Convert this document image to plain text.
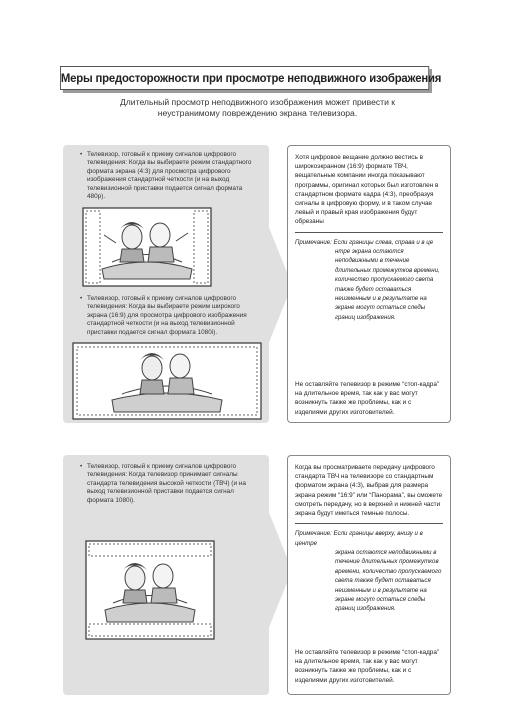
Меры предосторожности при просмотре неподвижного изображения
Длительный просмотр неподвижного изображения может привести к неустранимому повреждению экрана телевизора.
Хотя цифровое вещание должно вестись в широкоэкранном (16:9) формате ТВЧ, вещательные компании иногда показывают программы, оригинал которых был изготовлен в стандартном формате кадра (4:3), преобразуя сигналы в цифровую форму, и в таком случае левый и правый края изображения будут обрезаны
Примечание: Если границы слева, справа и в це
нтре экрана остаются неподвижными в течение длительных промежутков времени, количество пропускаемого света также будет оставаться неизменным и в результате на экране могут остаться следы границ изображения.
Не оставляйте телевизор в режиме “стоп-кадра” на длительное время, так как у вас могут возникнуть также же проблемы, как и с изделиями других изготовителей.
• Телевизор, готовый к приему сигналов цифрового телевидения: Когда вы выбираете режим стандартного формата экрана (4:3) для просмотра цифрового изображения стандартной четкости (и на выход телевизионной приставки подается сигнал формата 480р).
• Телевизор, готовый к приему сигналов цифрового телевидения: Когда вы выбираете режим широкого экрана (16:9) для просмотра цифрового изображения стандартной четкости (и на выход телевизионной приставки подается сигнал формата 1080i).
Когда вы просматриваете передачу цифрового стандарта ТВЧ на телевизоре со стандартным форматом экрана (4:3), выбрав для размера экрана режим “16:9” или “Панорама”, вы сможете смотреть передачу, но в верхней и нижней части экрана будут иметься темные полосы.
Примечание: Если границы вверху, внизу и в центре
экрана остаются неподвижными в течение длительных промежутков времени, количество пропускаемого света также будет оставаться неизменным и в результате на экране могут остаться следы границ изображения.
Не оставляйте телевизор в режиме “стоп-кадра” на длительное время, так как у вас могут возникнуть также же проблемы, как и с изделиями других изготовителей.
• Телевизор, готовый к приему сигналов цифрового телевидения: Когда телевизор принимает сигналы стандарта телевидения высокой четкости (ТВЧ) (и на выход телевизионной приставки подается сигнал формата 1080i).
